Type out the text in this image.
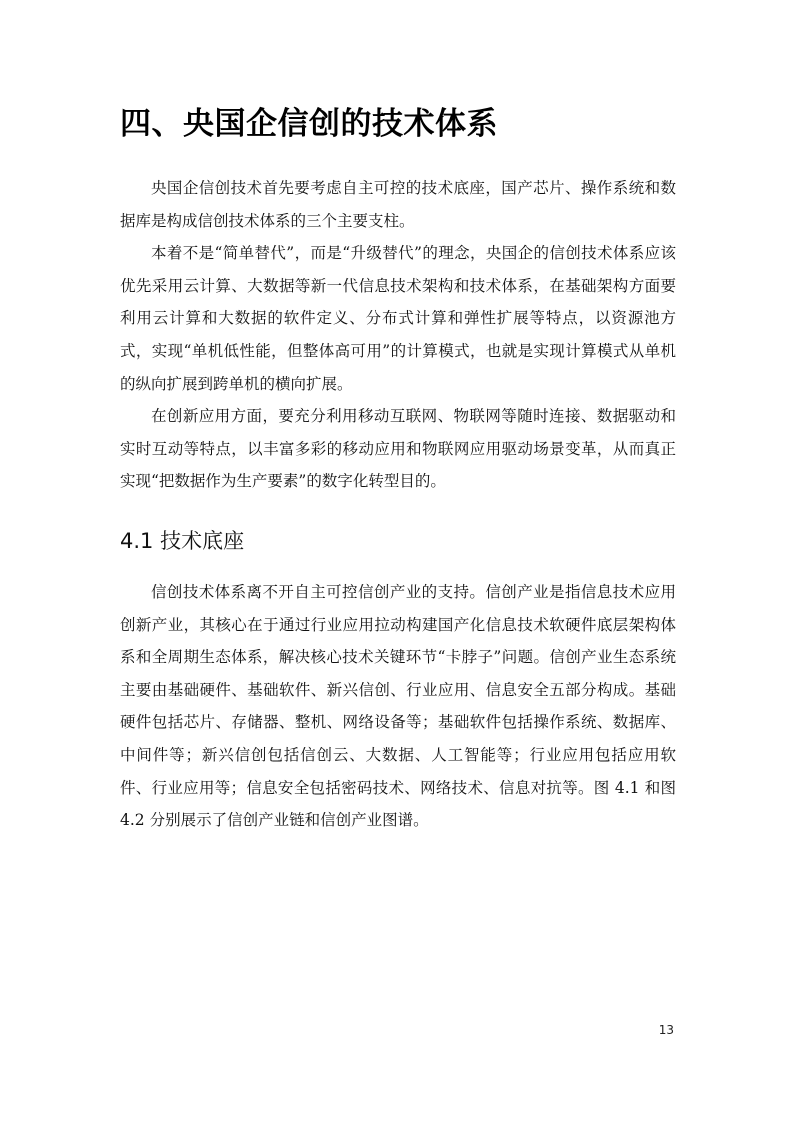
四、央国企信创的技术体系

央国企信创技术首先要考虑自主可控的技术底座，国产芯片、操作系统和数据库是构成信创技术体系的三个主要支柱。

本着不是“简单替代”，而是“升级替代”的理念，央国企的信创技术体系应该优先采用云计算、大数据等新一代信息技术架构和技术体系，在基础架构方面要利用云计算和大数据的软件定义、分布式计算和弹性扩展等特点，以资源池方式，实现“单机低性能，但整体高可用”的计算模式，也就是实现计算模式从单机的纵向扩展到跨单机的横向扩展。

在创新应用方面，要充分利用移动互联网、物联网等随时连接、数据驱动和实时互动等特点，以丰富多彩的移动应用和物联网应用驱动场景变革，从而真正实现“把数据作为生产要素”的数字化转型目的。

4.1 技术底座

信创技术体系离不开自主可控信创产业的支持。信创产业是指信息技术应用创新产业，其核心在于通过行业应用拉动构建国产化信息技术软硬件底层架构体系和全周期生态体系，解决核心技术关键环节“卡脖子”问题。信创产业生态系统主要由基础硬件、基础软件、新兴信创、行业应用、信息安全五部分构成。基础硬件包括芯片、存储器、整机、网络设备等；基础软件包括操作系统、数据库、中间件等；新兴信创包括信创云、大数据、人工智能等；行业应用包括应用软件、行业应用等；信息安全包括密码技术、网络技术、信息对抗等。图 4.1 和图 4.2 分别展示了信创产业链和信创产业图谱。

13
